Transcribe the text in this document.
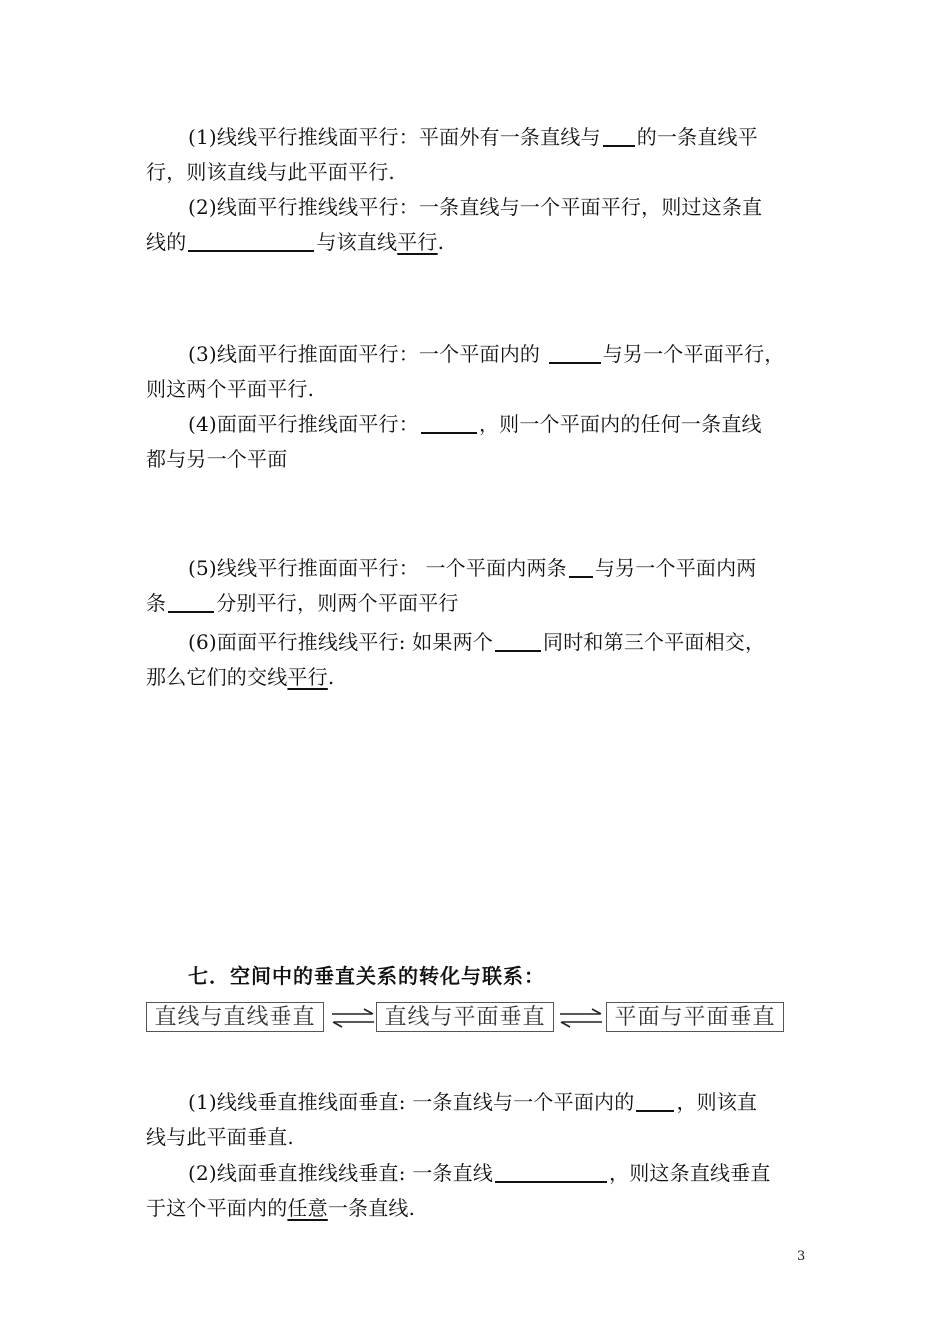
(1)线线平行推线面平行：平面外有一条直线与 的一条直线平
行，则该直线与此平面平行.
(2)线面平行推线线平行：一条直线与一个平面平行，则过这条直
线的	与该直线平行.
(3)线面平行推面面平行：一个平面内的	与另一个平面平行，
则这两个平面平行.
(4)面面平行推线面平行：	，则一个平面内的任何一条直线
都与另一个平面
(5)线线平行推面面平行： 一个平面内两条 与另一个平面内两
条	分别平行，则两个平面平行
(6)面面平行推线线平行: 如果两个	同时和第三个平面相交，
那么它们的交线平行.
七．空间中的垂直关系的转化与联系：
直线与直线垂直	直线与平面垂直	平面与平面垂直
(1)线线垂直推线面垂直: 一条直线与一个平面内的 ，则该直
线与此平面垂直.
(2)线面垂直推线线垂直: 一条直线	，则这条直线垂直
于这个平面内的任意一条直线.
3
